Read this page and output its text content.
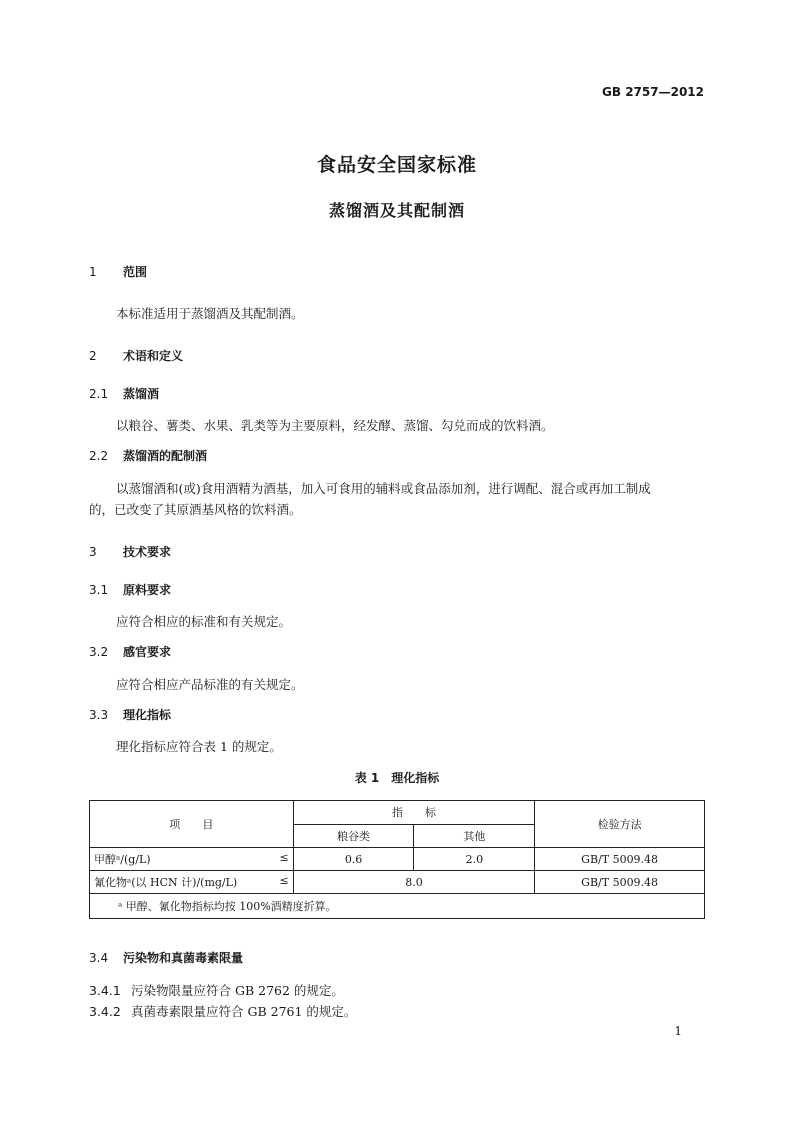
GB 2757—2012
食品安全国家标准
蒸馏酒及其配制酒
1 范围
本标准适用于蒸馏酒及其配制酒。
2 术语和定义
2.1 蒸馏酒
以粮谷、薯类、水果、乳类等为主要原料，经发酵、蒸馏、勾兑而成的饮料酒。
2.2 蒸馏酒的配制酒
以蒸馏酒和(或)食用酒精为酒基，加入可食用的辅料或食品添加剂，进行调配、混合或再加工制成
的，已改变了其原酒基风格的饮料酒。
3 技术要求
3.1 原料要求
应符合相应的标准和有关规定。
3.2 感官要求
应符合相应产品标准的有关规定。
3.3 理化指标
理化指标应符合表 1 的规定。
表 1　理化指标
项　　目	指　　标		检验方法
	粮谷类	其他	
甲醇ᵃ/(g/L) ≤	0.6	2.0	GB/T 5009.48
氰化物ᵃ(以 HCN 计)/(mg/L) ≤	8.0		GB/T 5009.48
ᵃ 甲醇、氰化物指标均按 100%酒精度折算。			
3.4 污染物和真菌毒素限量
3.4.1 污染物限量应符合 GB 2762 的规定。
3.4.2 真菌毒素限量应符合 GB 2761 的规定。
1
